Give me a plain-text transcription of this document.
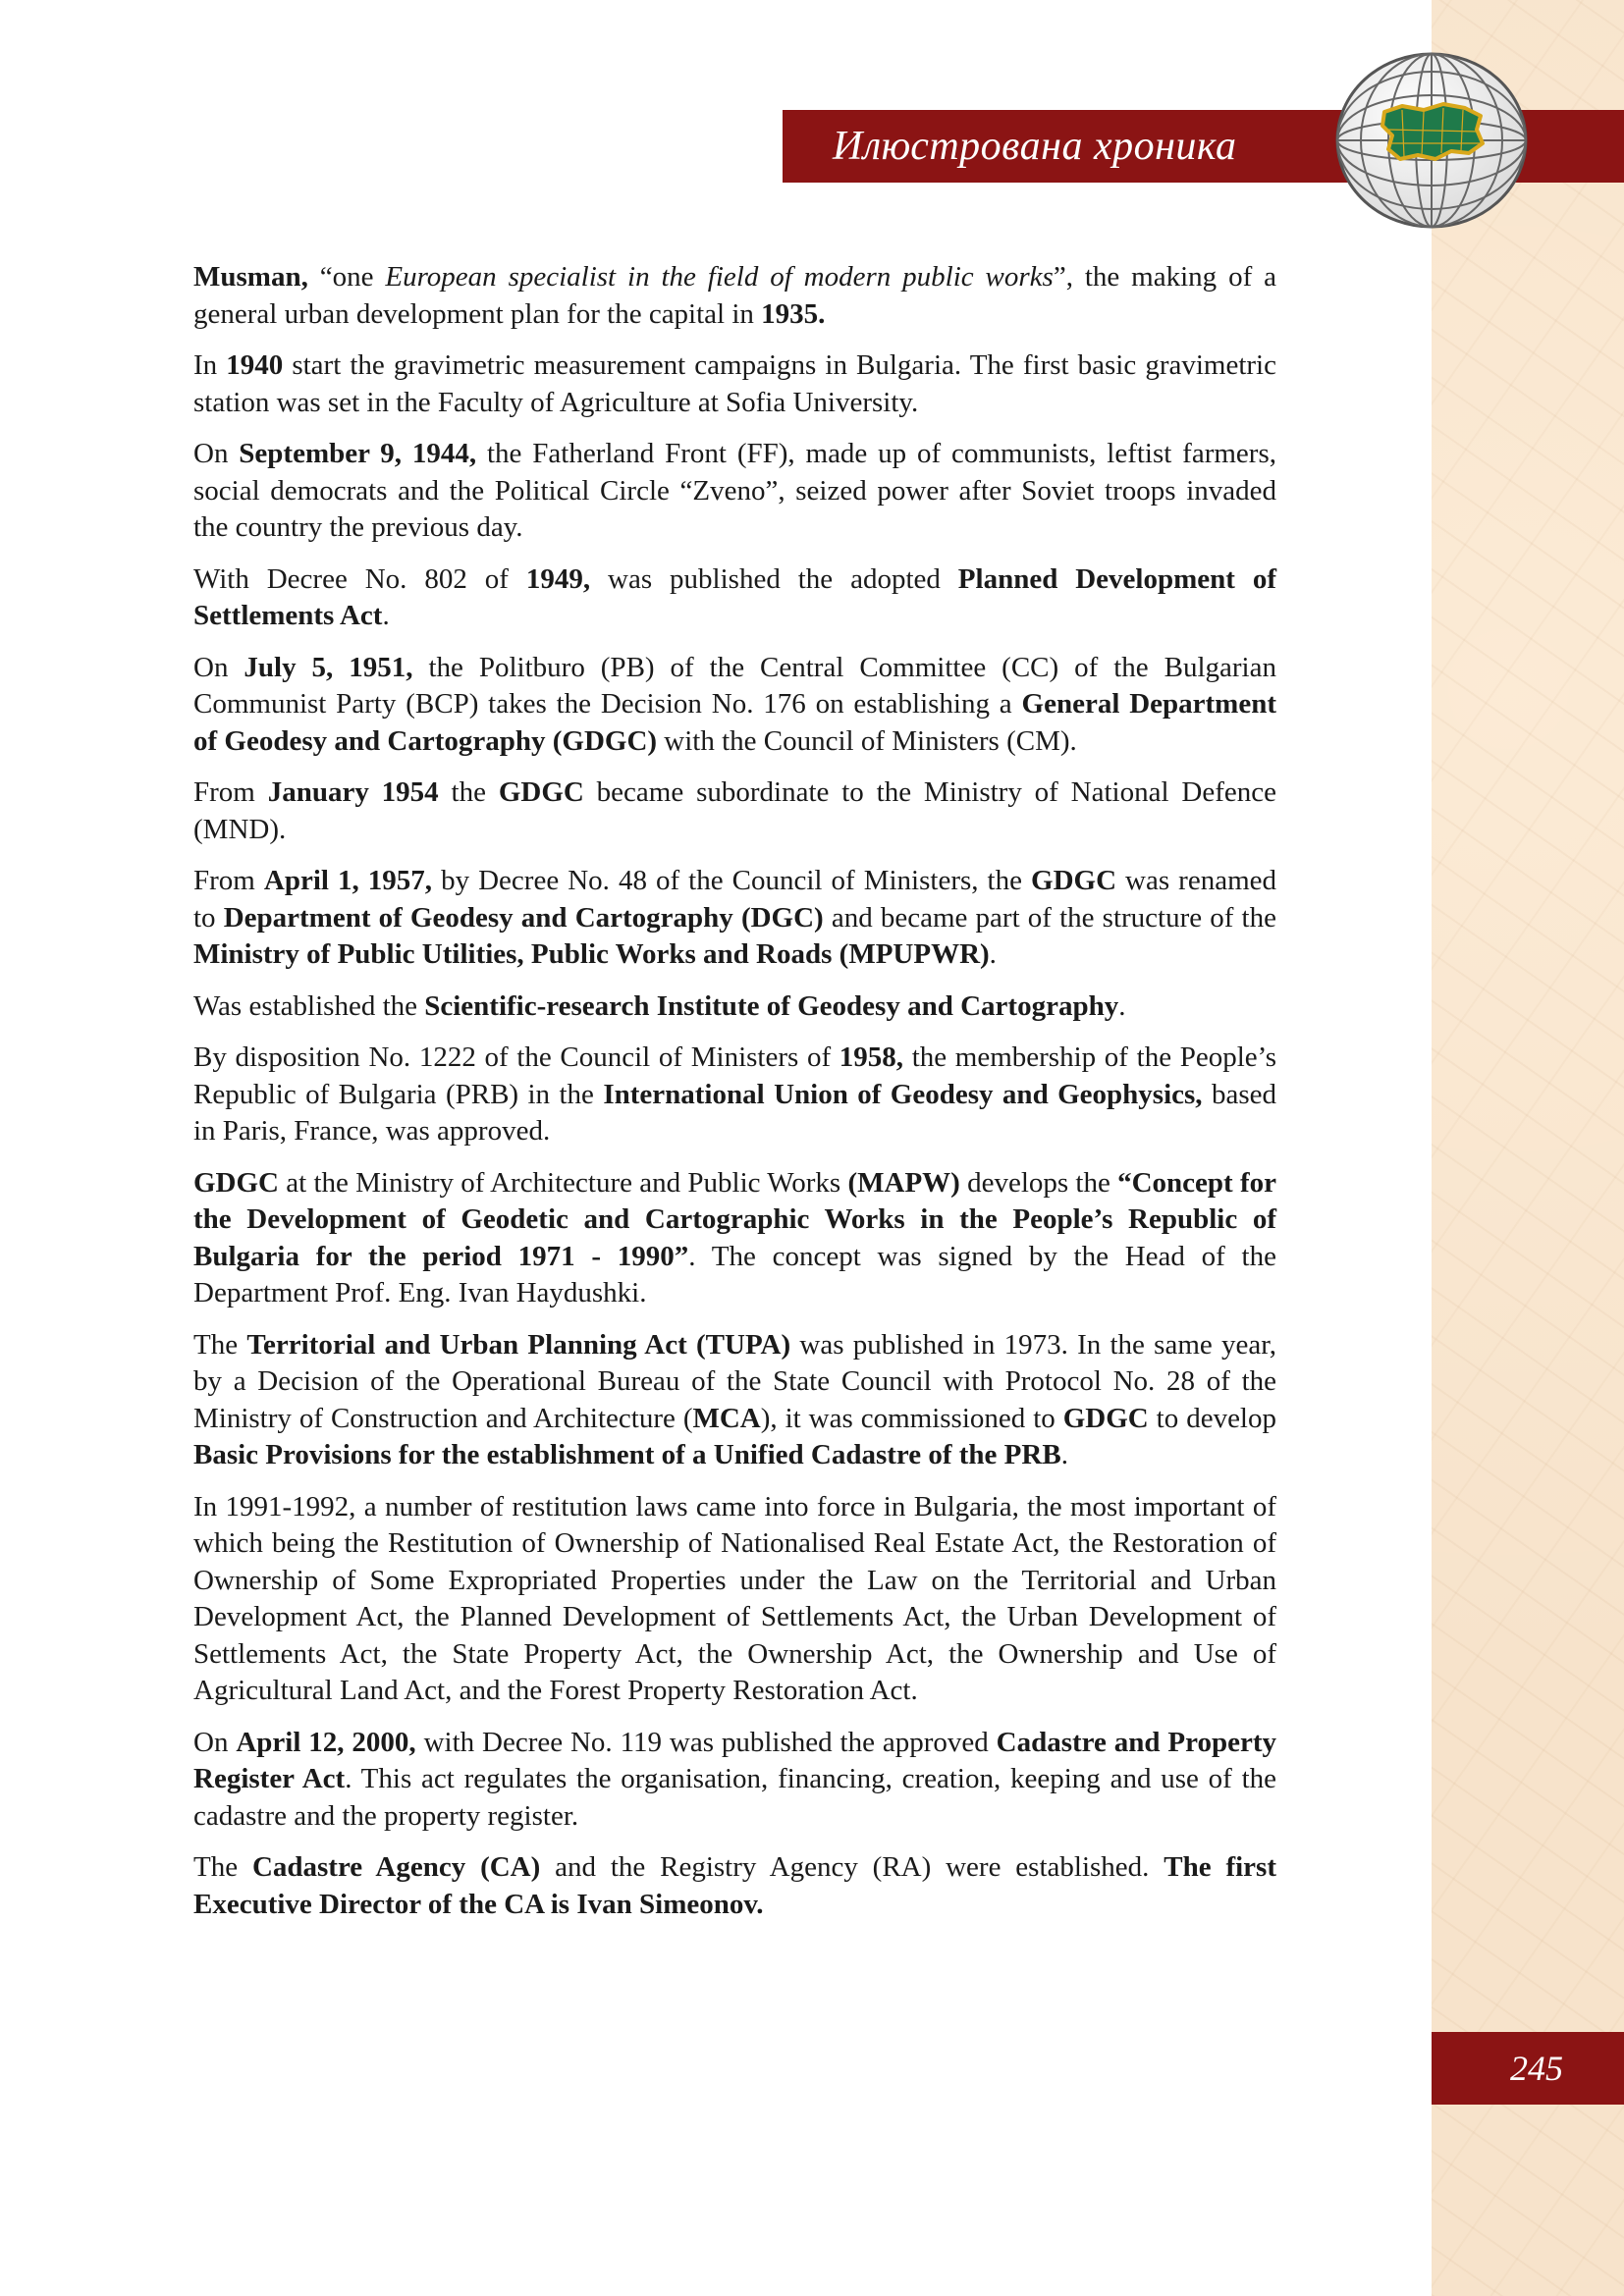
Илюстрована хроника

Musman, “one European specialist in the field of modern public works”, the making of a general urban development plan for the capital in 1935.

In 1940 start the gravimetric measurement campaigns in Bulgaria. The first basic gravimetric station was set in the Faculty of Agriculture at Sofia University.

On September 9, 1944, the Fatherland Front (FF), made up of communists, leftist farmers, social democrats and the Political Circle “Zveno”, seized power after Soviet troops invaded the country the previous day.

With Decree No. 802 of 1949, was published the adopted Planned Development of Settlements Act.

On July 5, 1951, the Politburo (PB) of the Central Committee (CC) of the Bulgarian Communist Party (BCP) takes the Decision No. 176 on establishing a General Department of Geodesy and Cartography (GDGC) with the Council of Ministers (CM).

From January 1954 the GDGC became subordinate to the Ministry of National Defence (MND).

From April 1, 1957, by Decree No. 48 of the Council of Ministers, the GDGC was renamed to Department of Geodesy and Cartography (DGC) and became part of the structure of the Ministry of Public Utilities, Public Works and Roads (MPUPWR).

Was established the Scientific-research Institute of Geodesy and Cartography.

By disposition No. 1222 of the Council of Ministers of 1958, the membership of the People’s Republic of Bulgaria (PRB) in the International Union of Geodesy and Geophysics, based in Paris, France, was approved.

GDGC at the Ministry of Architecture and Public Works (MAPW) develops the “Concept for the Development of Geodetic and Cartographic Works in the People’s Republic of Bulgaria for the period 1971 - 1990”. The concept was signed by the Head of the Department Prof. Eng. Ivan Haydushki.

The Territorial and Urban Planning Act (TUPA) was published in 1973. In the same year, by a Decision of the Operational Bureau of the State Council with Protocol No. 28 of the Ministry of Construction and Architecture (MCA), it was commissioned to GDGC to develop Basic Provisions for the establishment of a Unified Cadastre of the PRB.

In 1991-1992, a number of restitution laws came into force in Bulgaria, the most important of which being the Restitution of Ownership of Nationalised Real Estate Act, the Restoration of Ownership of Some Expropriated Properties under the Law on the Territorial and Urban Development Act, the Planned Development of Settlements Act, the Urban Development of Settlements Act, the State Property Act, the Ownership Act, the Ownership and Use of Agricultural Land Act, and the Forest Property Restoration Act.

On April 12, 2000, with Decree No. 119 was published the approved Cadastre and Property Register Act. This act regulates the organisation, financing, creation, keeping and use of the cadastre and the property register.

The Cadastre Agency (CA) and the Registry Agency (RA) were established. The first Executive Director of the CA is Ivan Simeonov.

245
